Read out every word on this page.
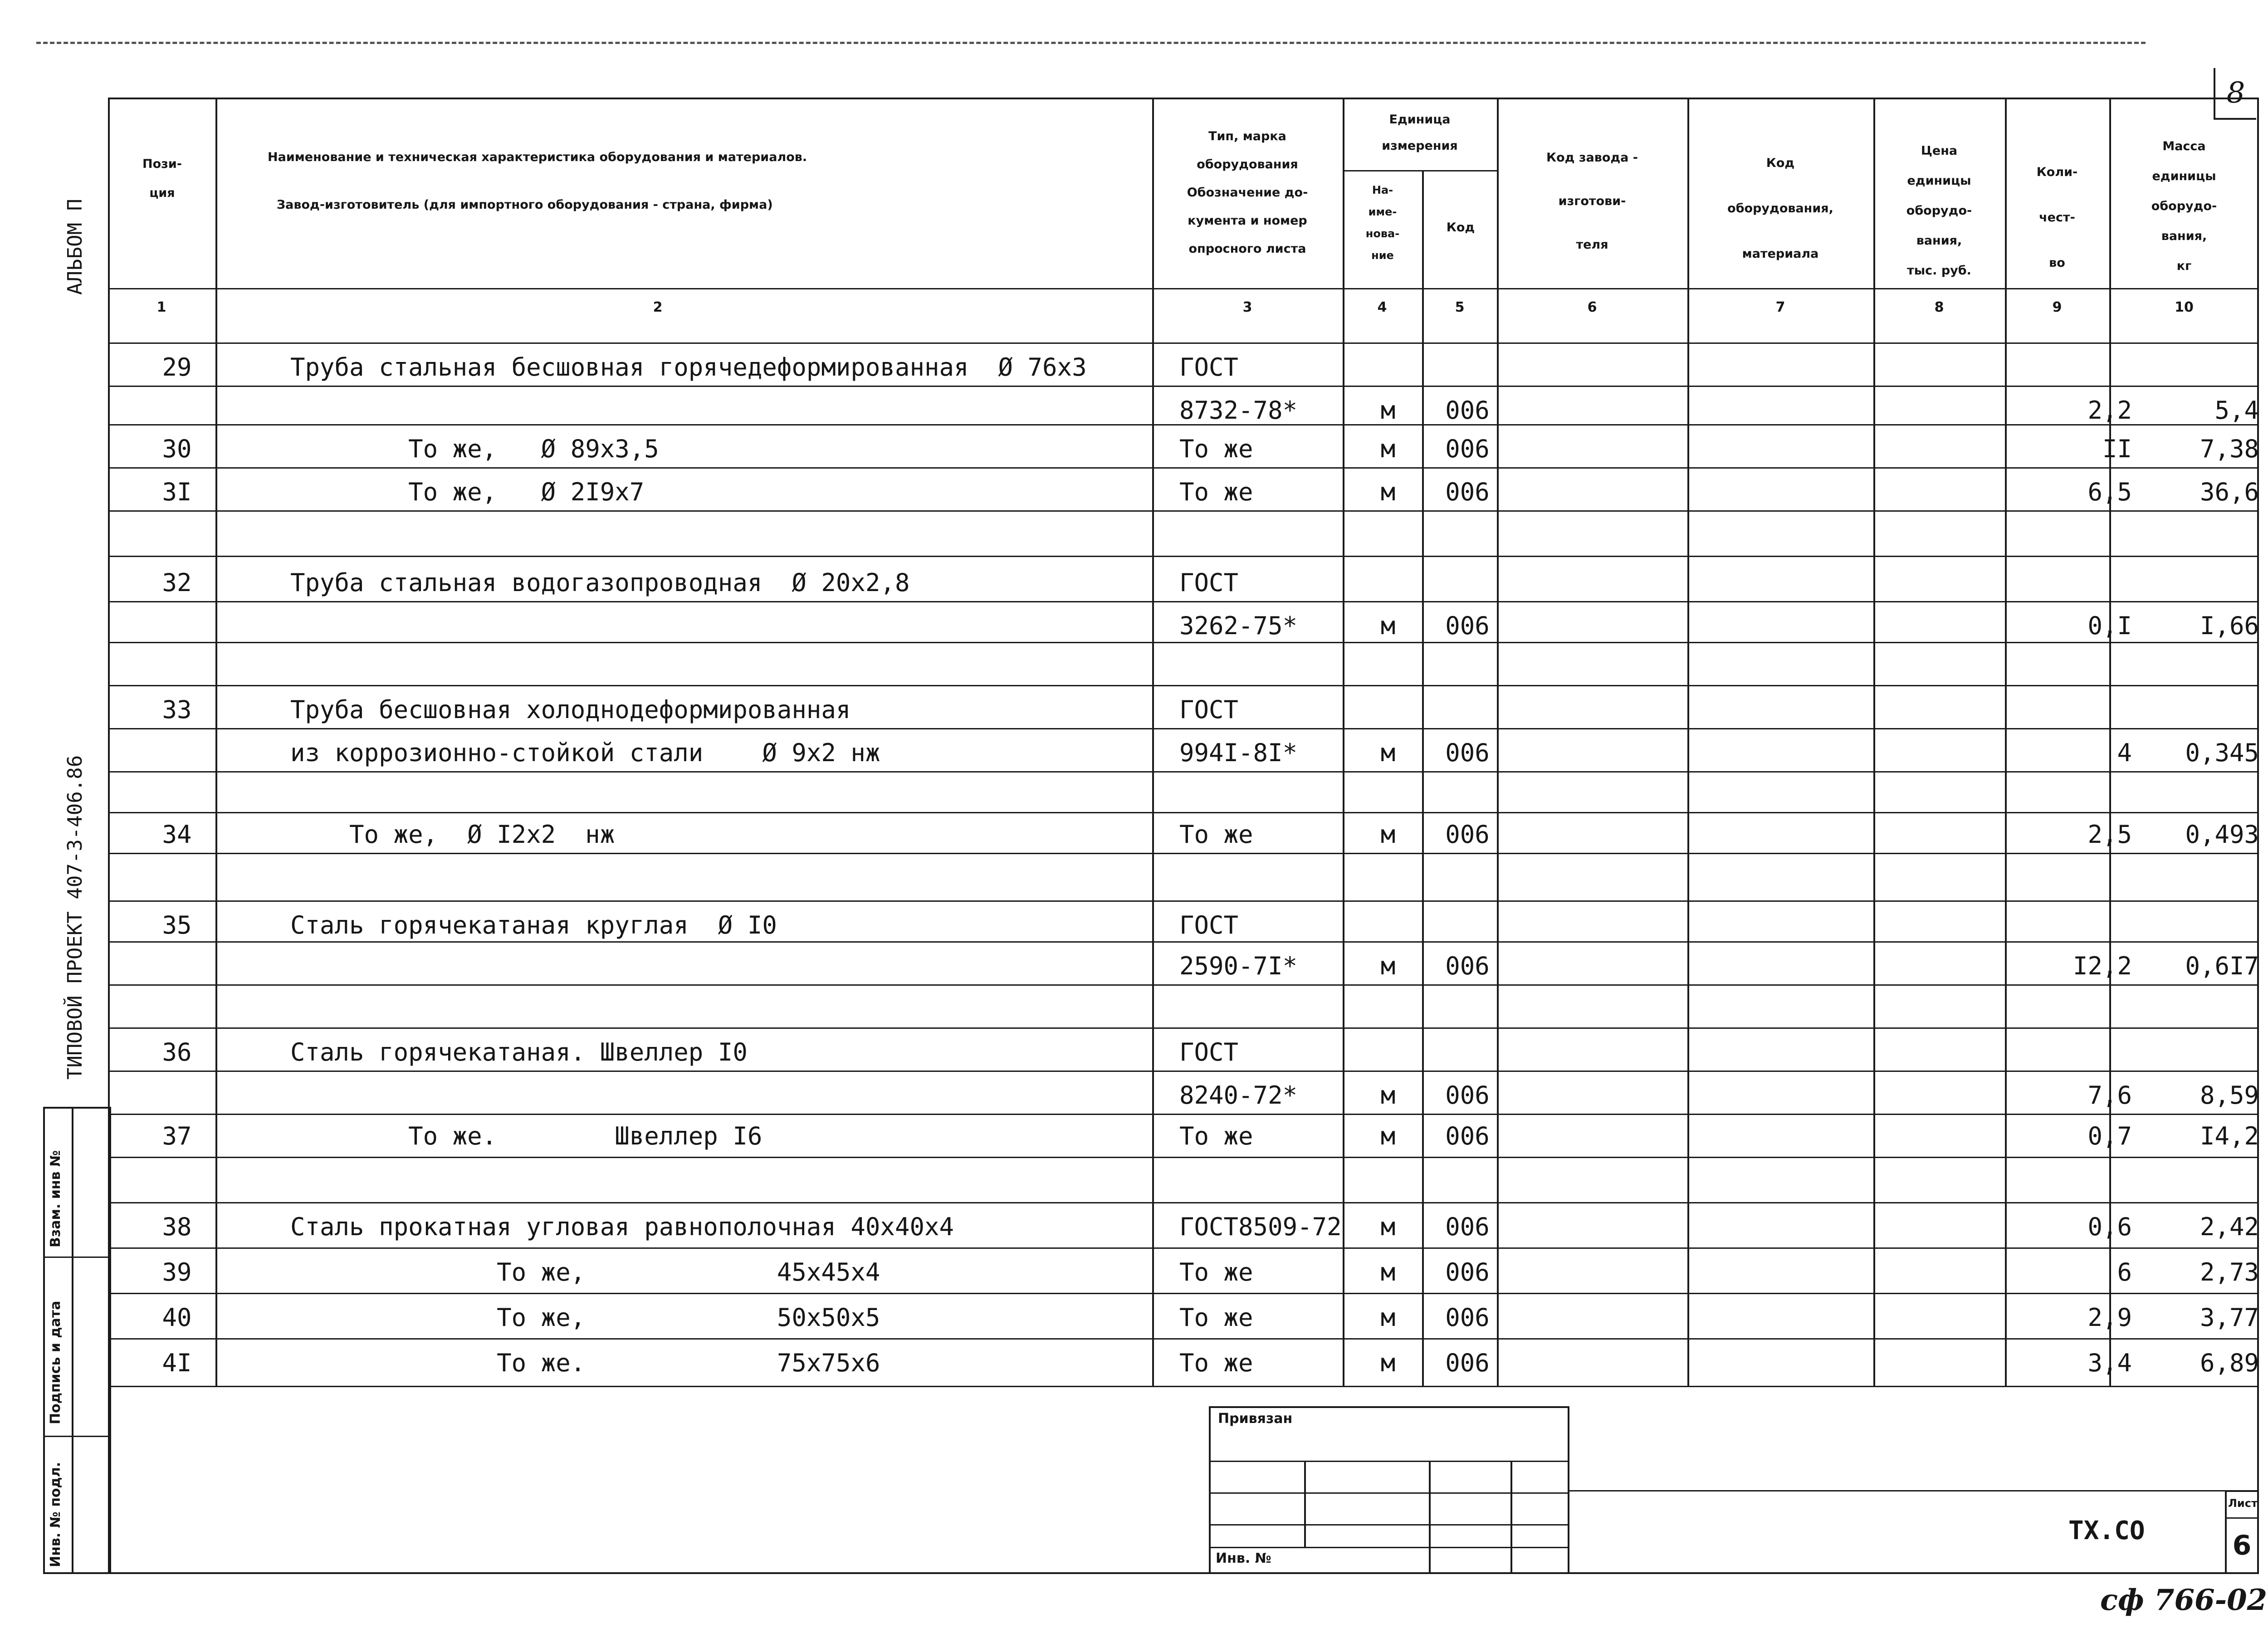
8
АЛЬБОМ П
ТИПОВОЙ ПРОЕКТ 407-3-406.86
Взам. инв №
Подпись и дата
Инв. № подл.
Пози-
ция
Наименование и техническая характеристика оборудования и материалов.
Завод-изготовитель (для импортного оборудования - страна, фирма)
Тип, марка
оборудования
Обозначение до-
кумента и номер
опросного листа
Единица
измерения
На-
име-
нова-
ние
Код
Код завода -
изготови-
теля
Код
оборудования,
материала
Цена
единицы
оборудо-
вания,
тыс. руб.
Коли-
чест-
во
Масса
единицы
оборудо-
вания,
кг
1	2	3	4	5	6	7	8	9	10
29	Труба стальная бесшовная горячедеформированная  Ø 76х3	ГОСТ
8732-78*	м	006	2,2	5,4
30	То же,   Ø 89х3,5	То же	м	006	II	7,38
3I	То же,   Ø 2I9х7	То же	м	006	6,5	36,6
32	Труба стальная водогазопроводная  Ø 20х2,8	ГОСТ
3262-75*	м	006	0,I	I,66
33	Труба бесшовная холоднодеформированная	ГОСТ
из коррозионно-стойкой стали    Ø 9х2 нж	994I-8I*	м	006	4	0,345
34	То же,  Ø I2х2  нж	То же	м	006	2,5	0,493
35	Сталь горячекатаная круглая  Ø I0	ГОСТ
2590-7I*	м	006	I2,2	0,6I7
36	Сталь горячекатаная. Швеллер I0	ГОСТ
8240-72*	м	006	7,6	8,59
37	То же.        Швеллер I6	То же	м	006	0,7	I4,2
38	Сталь прокатная угловая равнополочная 40х40х4	ГОСТ8509-72	м	006	0,6	2,42
39	То же,             45х45х4	То же	м	006	6	2,73
40	То же,             50х50х5	То же	м	006	2,9	3,77
4I	То же.             75х75х6	То же	м	006	3,4	6,89
Привязан
Инв. №
ТХ.СО
Лист
6
сф 766-02
